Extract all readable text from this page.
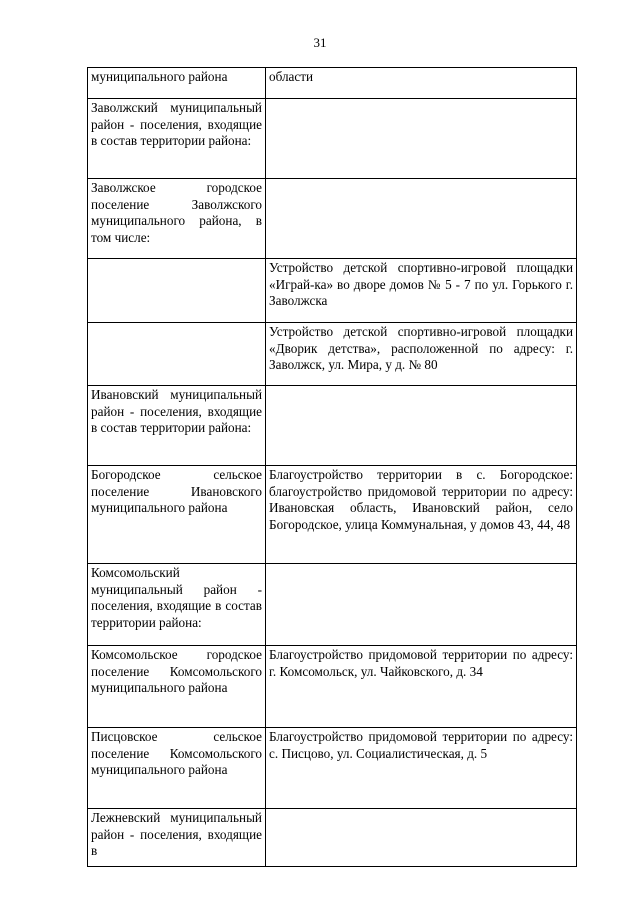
31
муниципального района	области

Заволжский муниципальный район - поселения, входящие в состав территории района:	

Заволжское городское поселение Заволжского муниципального района, в том числе:	

	Устройство детской спортивно-игровой площадки «Играй-ка» во дворе домов № 5 - 7 по ул. Горького г. Заволжска

	Устройство детской спортивно-игровой площадки «Дворик детства», расположенной по адресу: г. Заволжск, ул. Мира, у д. № 80

Ивановский муниципальный район - поселения, входящие в состав территории района:	

Богородское сельское поселение Ивановского муниципального района	Благоустройство территории в с. Богородское: благоустройство придомовой территории по адресу: Ивановская область, Ивановский район, село Богородское, улица Коммунальная, у домов 43, 44, 48

Комсомольский муниципальный район - поселения, входящие в состав территории района:	

Комсомольское городское поселение Комсомольского муниципального района	Благоустройство придомовой территории по адресу: г. Комсомольск, ул. Чайковского, д. 34

Писцовское сельское поселение Комсомольского муниципального района	Благоустройство придомовой территории по адресу: с. Писцово, ул. Социалистическая, д. 5

Лежневский муниципальный район - поселения, входящие в	
